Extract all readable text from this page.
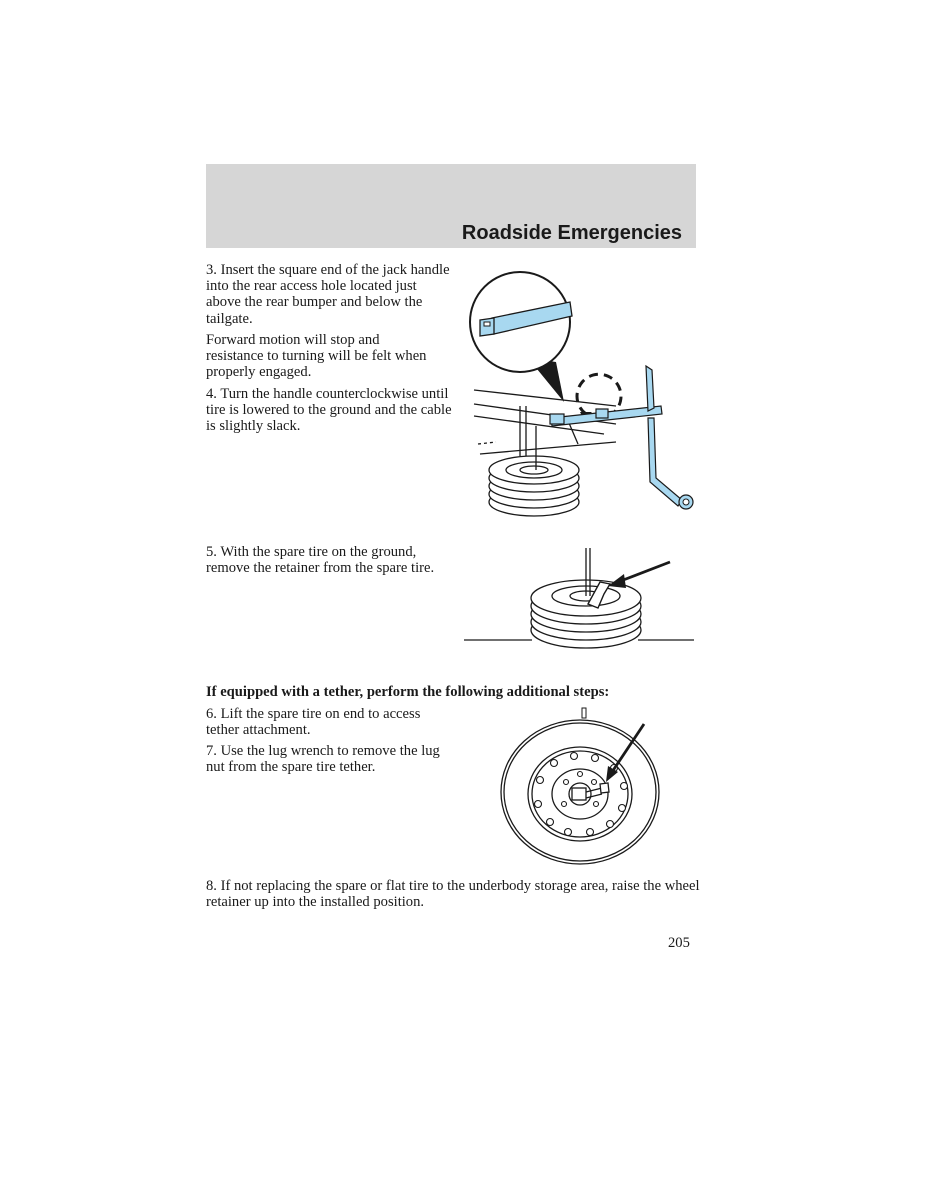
Roadside Emergencies

3. Insert the square end of the jack handle into the rear access hole located just above the rear bumper and below the tailgate.

Forward motion will stop and resistance to turning will be felt when properly engaged.

4. Turn the handle counterclockwise until tire is lowered to the ground and the cable is slightly slack.

5. With the spare tire on the ground, remove the retainer from the spare tire.

If equipped with a tether, perform the following additional steps:

6. Lift the spare tire on end to access tether attachment.

7. Use the lug wrench to remove the lug nut from the spare tire tether.

8. If not replacing the spare or flat tire to the underbody storage area, raise the wheel retainer up into the installed position.

205
